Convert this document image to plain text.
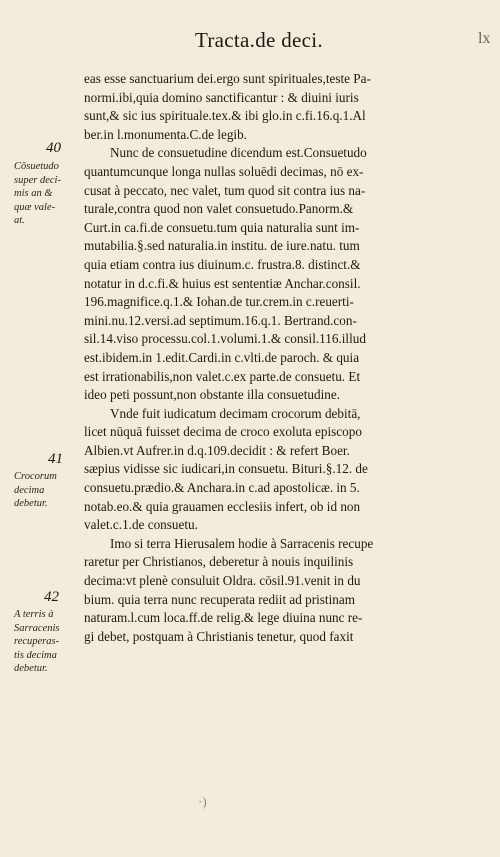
Tracta.de deci.	lx
eas esse sanctuarium dei.ergo sunt spirituales,teste Pa-
normi.ibi,quia domino sanctificantur : & diuini iuris
sunt,& sic ius spirituale.tex.& ibi glo.in c.fi.16.q.1.Al
ber.in l.monumenta.C.de legib.
Nunc de consuetudine dicendum est.Consuetudo
quantumcunque longa nullas soluēdi decimas, nō ex-
cusat à peccato, nec valet, tum quod sit contra ius na-
turale,contra quod non valet consuetudo.Panorm.&
Curt.in ca.fi.de consuetu.tum quia naturalia sunt im-
mutabilia.§.sed naturalia.in institu. de iure.natu. tum
quia etiam contra ius diuinum.c. frustra.8. distinct.&
notatur in d.c.fi.& huius est sententiæ Anchar.consil.
196.magnifice.q.1.& Iohan.de tur.crem.in c.reuerti-
mini.nu.12.versi.ad septimum.16.q.1. Bertrand.con-
sil.14.viso processu.col.1.volumi.1.& consil.116.illud
est.ibidem.in 1.edit.Cardi.in c.vlti.de paroch. & quia
est irrationabilis,non valet.c.ex parte.de consuetu. Et
ideo peti possunt,non obstante illa consuetudine.
Vnde fuit iudicatum decimam crocorum debitā,
licet nūquā fuisset decima de croco exoluta episcopo
Albien.vt Aufrer.in d.q.109.decidit : & refert Boer.
sæpius vidisse sic iudicari,in consuetu. Bituri.§.12. de
consuetu.prædio.& Anchara.in c.ad apostolicæ. in 5.
notab.eo.& quia grauamen ecclesiis infert, ob id non
valet.c.1.de consuetu.
Imo si terra Hierusalem hodie à Sarracenis recupe
raretur per Christianos, deberetur à nouis inquilinis
decima:vt plenè consuluit Oldra. cōsil.91.venit in du
bium. quia terra nunc recuperata rediit ad pristinam
naturam.l.cum loca.ff.de relig.& lege diuina nunc re-
gi debet, postquam à Christianis tenetur, quod faxit
40
Cōsuetudo
super deci-
mis an &
quæ vale-
at.
41
Crocorum
decima
debetur.
42
A terris à
Sarracenis
recuperas-
tis decima
debetur.
·)
